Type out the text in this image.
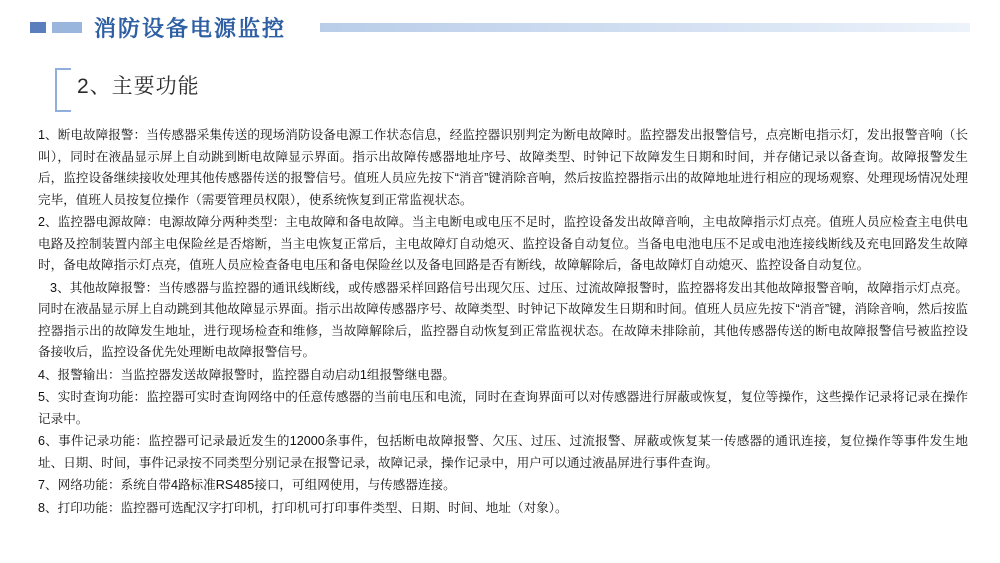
消防设备电源监控
2、主要功能

1、断电故障报警：当传感器采集传送的现场消防设备电源工作状态信息，经监控器识别判定为断电故障时。监控器发出报警信号，点亮断电指示灯，发出报警音响（长叫），同时在液晶显示屏上自动跳到断电故障显示界面。指示出故障传感器地址序号、故障类型、时钟记下故障发生日期和时间，并存储记录以备查询。故障报警发生后，监控设备继续接收处理其他传感器传送的报警信号。值班人员应先按下“消音”键消除音响，然后按监控器指示出的故障地址进行相应的现场观察、处理现场情况处理完毕，值班人员按复位操作（需要管理员权限），使系统恢复到正常监视状态。

2、监控器电源故障：电源故障分两种类型：主电故障和备电故障。当主电断电或电压不足时，监控设备发出故障音响，主电故障指示灯点亮。值班人员应检查主电供电电路及控制装置内部主电保险丝是否熔断，当主电恢复正常后，主电故障灯自动熄灭、监控设备自动复位。当备电电池电压不足或电池连接线断线及充电回路发生故障时，备电故障指示灯点亮，值班人员应检查备电电压和备电保险丝以及备电回路是否有断线，故障解除后，备电故障灯自动熄灭、监控设备自动复位。

3、其他故障报警：当传感器与监控器的通讯线断线，或传感器采样回路信号出现欠压、过压、过流故障报警时，监控器将发出其他故障报警音响，故障指示灯点亮。同时在液晶显示屏上自动跳到其他故障显示界面。指示出故障传感器序号、故障类型、时钟记下故障发生日期和时间。值班人员应先按下“消音”键，消除音响，然后按监控器指示出的故障发生地址，进行现场检查和维修，当故障解除后，监控器自动恢复到正常监视状态。在故障未排除前，其他传感器传送的断电故障报警信号被监控设备接收后，监控设备优先处理断电故障报警信号。

4、报警输出：当监控器发送故障报警时，监控器自动启动1组报警继电器。

5、实时查询功能：监控器可实时查询网络中的任意传感器的当前电压和电流，同时在查询界面可以对传感器进行屏蔽或恢复，复位等操作，这些操作记录将记录在操作记录中。

6、事件记录功能：监控器可记录最近发生的12000条事件，包括断电故障报警、欠压、过压、过流报警、屏蔽或恢复某一传感器的通讯连接，复位操作等事件发生地址、日期、时间，事件记录按不同类型分别记录在报警记录，故障记录，操作记录中，用户可以通过液晶屏进行事件查询。

7、网络功能：系统自带4路标准RS485接口，可组网使用，与传感器连接。

8、打印功能：监控器可选配汉字打印机，打印机可打印事件类型、日期、时间、地址（对象）。
